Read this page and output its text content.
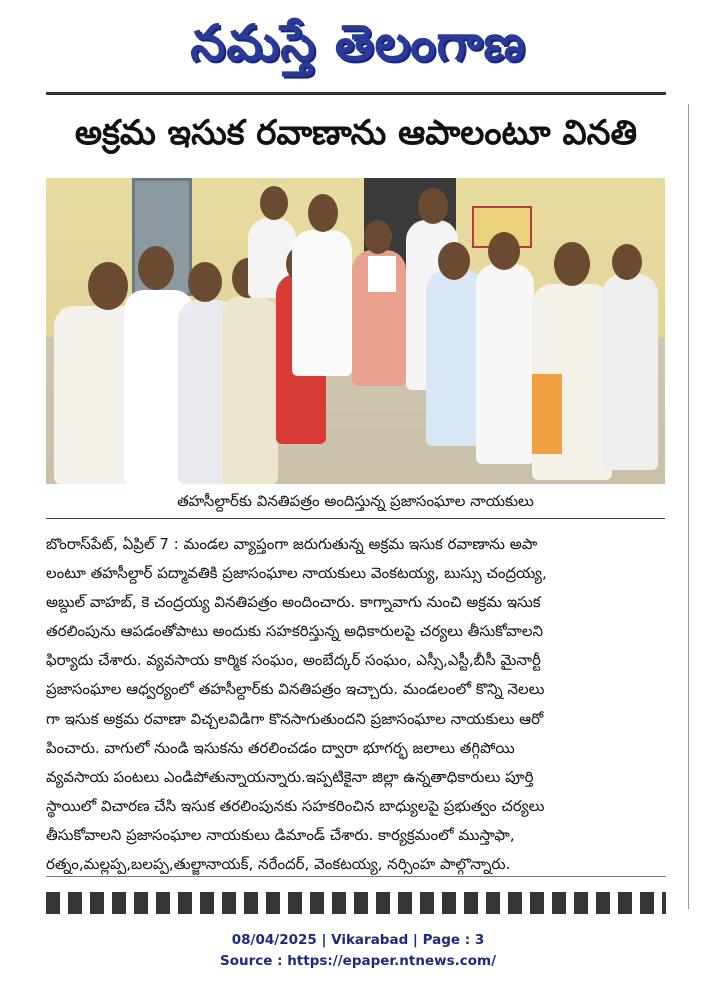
నమస్తే తెలంగాణ
అక్రమ ఇసుక రవాణాను ఆపాలంటూ వినతి
తహసీల్దార్‌కు వినతిపత్రం అందిస్తున్న ప్రజాసంఘాల నాయకులు
బొంరాస్‌పేట్, ఏప్రిల్ 7 : మండల వ్యాప్తంగా జరుగుతున్న అక్రమ ఇసుక రవాణాను అపా
లంటూ తహసీల్దార్ పద్మావతికి ప్రజాసంఘాల నాయకులు వెంకటయ్య, బుస్సు చంద్రయ్య,
అబ్దుల్ వాహబ్, కె చంద్రయ్య వినతిపత్రం అందించారు. కాగ్నావాగు నుంచి అక్రమ ఇసుక
తరలింపును ఆపడంతోపాటు అందుకు సహకరిస్తున్న అధికారులపై చర్యలు తీసుకోవాలని
ఫిర్యాదు చేశారు. వ్యవసాయ కార్మిక సంఘం, అంబేద్కర్ సంఘం, ఎస్సీ,ఎస్టీ,బీసీ మైనార్టీ
ప్రజాసంఘాల ఆధ్వర్యంలో తహసీల్దార్‌కు వినతిపత్రం ఇచ్చారు. మండలంలో కొన్ని నెలలు
గా ఇసుక అక్రమ రవాణా విచ్చలవిడిగా కొనసాగుతుందని ప్రజాసంఘాల నాయకులు ఆరో
పించారు. వాగులో నుండి ఇసుకను తరలించడం ద్వారా భూగర్భ జలాలు తగ్గిపోయి
వ్యవసాయ పంటలు ఎండిపోతున్నాయన్నారు.ఇప్పటికైనా జిల్లా ఉన్నతాధికారులు పూర్తి
స్థాయిలో విచారణ చేసి ఇసుక తరలింపునకు సహకరించిన బాధ్యులపై ప్రభుత్వం చర్యలు
తీసుకోవాలని ప్రజాసంఘాల నాయకులు డిమాండ్ చేశారు. కార్యక్రమంలో ముస్తాఫా,
రత్నం,మల్లప్ప,బలప్ప,తుల్జానాయక్, నరేందర్, వెంకటయ్య, నర్సింహ పాల్గొన్నారు.
08/04/2025 | Vikarabad | Page : 3
Source : https://epaper.ntnews.com/
